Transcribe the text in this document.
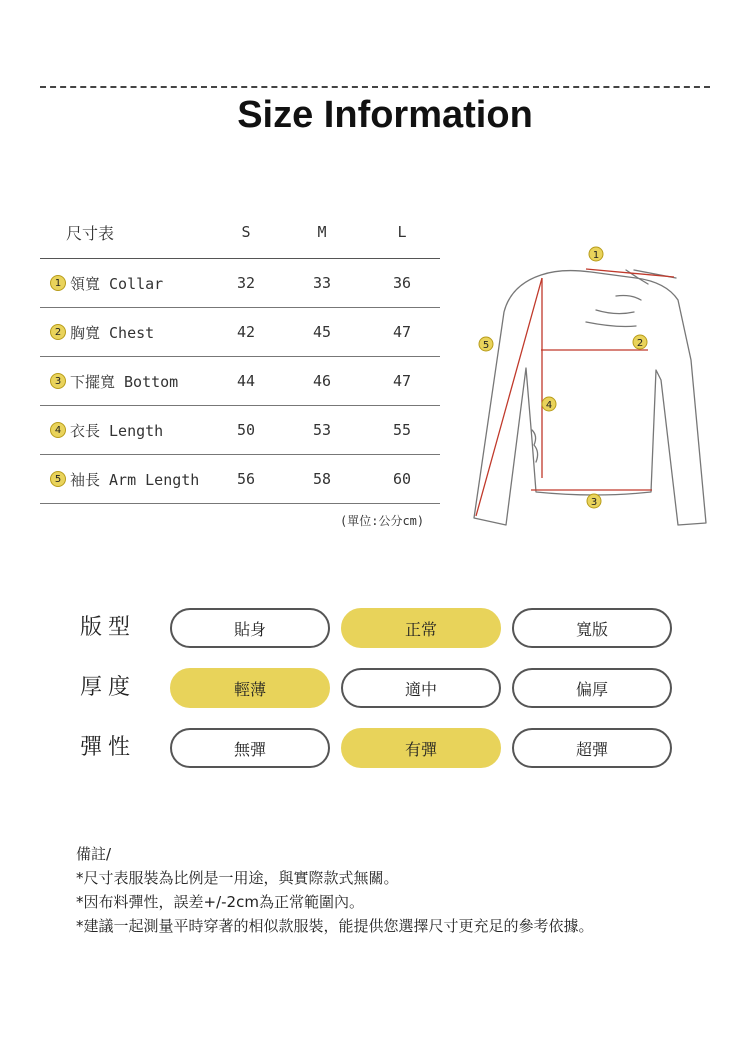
Size Information
尺寸表	S	M	L
1 領寬 Collar	32	33	36
2 胸寬 Chest	42	45	47
3 下擺寬 Bottom	44	46	47
4 衣長 Length	50	53	55
5 袖長 Arm Length	56	58	60
(單位:公分cm)
1
2
3
4
5
版型	貼身	正常	寬版
厚度	輕薄	適中	偏厚
彈性	無彈	有彈	超彈
備註/
*尺寸表服裝為比例是一用途，與實際款式無關。
*因布料彈性，誤差+/-2cm為正常範圍內。
*建議一起測量平時穿著的相似款服裝，能提供您選擇尺寸更充足的參考依據。
